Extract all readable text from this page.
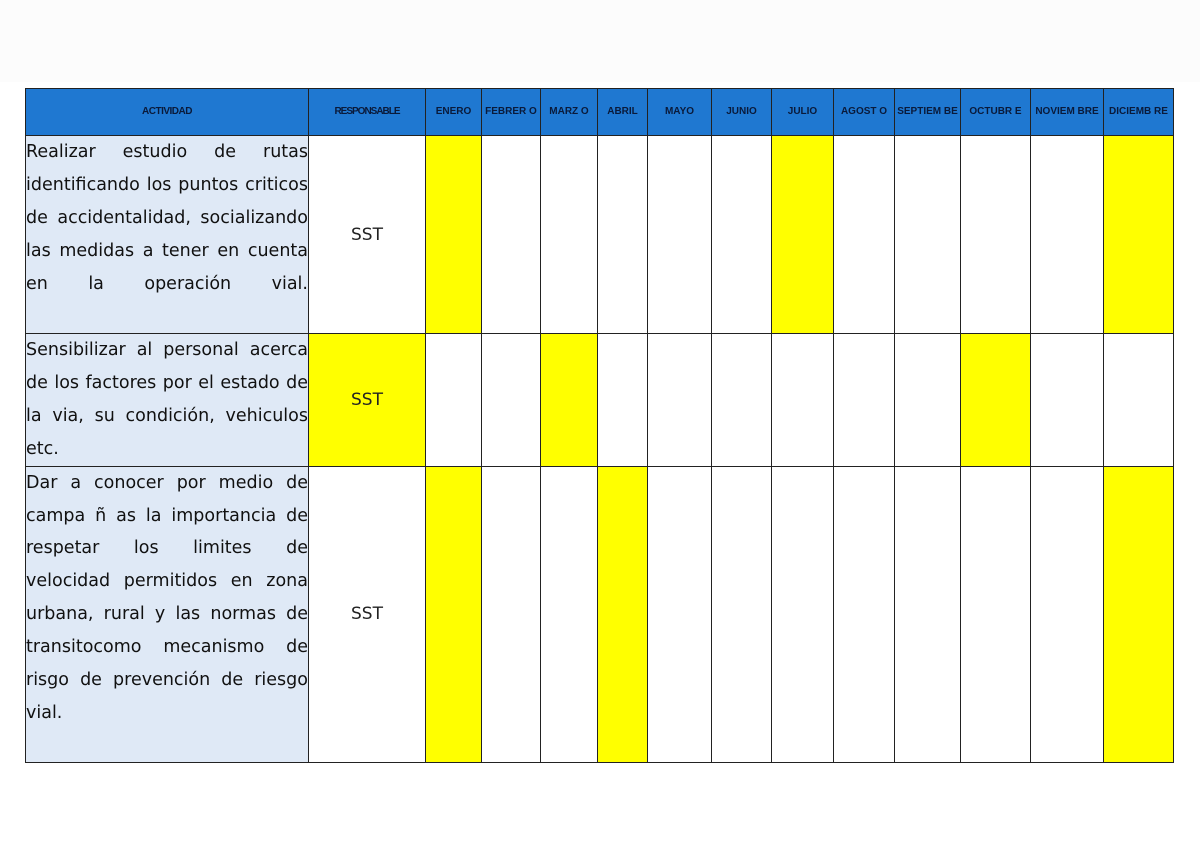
ACTIVIDAD	RESPONSABLE	ENERO	FEBRER O	MARZ O	ABRIL	MAYO	JUNIO	JULIO	AGOST O	SEPTIEM BE	OCTUBR E	NOVIEM BRE	DICIEMB RE
Realizar estudio de rutas identificando los puntos criticos de accidentalidad, socializando las medidas a tener en cuenta en la operación vial.	SST												
Sensibilizar al personal acerca de los factores por el estado de la via, su condición, vehiculos etc.	SST												
Dar a conocer por medio de campa ñ as la importancia de respetar los limites de velocidad permitidos en zona urbana, rural y las normas de transitocomo mecanismo de risgo de prevención de riesgo vial.	SST												
